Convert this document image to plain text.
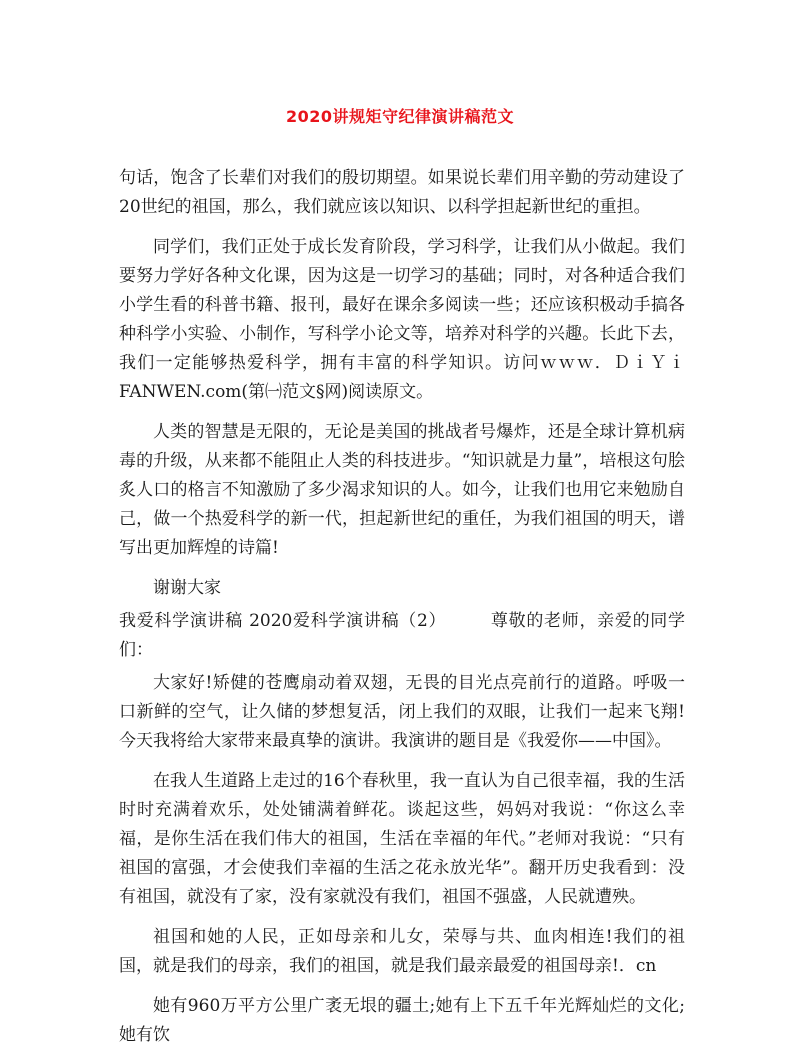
2020讲规矩守纪律演讲稿范文

句话，饱含了长辈们对我们的殷切期望。如果说长辈们用辛勤的劳动建设了20世纪的祖国，那么，我们就应该以知识、以科学担起新世纪的重担。

同学们，我们正处于成长发育阶段，学习科学，让我们从小做起。我们要努力学好各种文化课，因为这是一切学习的基础；同时，对各种适合我们小学生看的科普书籍、报刊，最好在课余多阅读一些；还应该积极动手搞各种科学小实验、小制作，写科学小论文等，培养对科学的兴趣。长此下去，我们一定能够热爱科学，拥有丰富的科学知识。访问ｗｗｗ．ＤｉＹｉFANWEN.com(第㈠范文§网)阅读原文。

人类的智慧是无限的，无论是美国的挑战者号爆炸，还是全球计算机病毒的升级，从来都不能阻止人类的科技进步。“知识就是力量”，培根这句脍炙人口的格言不知激励了多少渴求知识的人。如今，让我们也用它来勉励自己，做一个热爱科学的新一代，担起新世纪的重任，为我们祖国的明天，谱写出更加辉煌的诗篇!

谢谢大家

我爱科学演讲稿 2020爱科学演讲稿（2）	尊敬的老师，亲爱的同学们：

大家好!矫健的苍鹰扇动着双翅，无畏的目光点亮前行的道路。呼吸一口新鲜的空气，让久储的梦想复活，闭上我们的双眼，让我们一起来飞翔!今天我将给大家带来最真挚的演讲。我演讲的题目是《我爱你——中国》。

在我人生道路上走过的16个春秋里，我一直认为自己很幸福，我的生活时时充满着欢乐，处处铺满着鲜花。谈起这些，妈妈对我说：“你这么幸福，是你生活在我们伟大的祖国，生活在幸福的年代。”老师对我说：“只有祖国的富强，才会使我们幸福的生活之花永放光华”。翻开历史我看到：没有祖国，就没有了家，没有家就没有我们，祖国不强盛，人民就遭殃。

祖国和她的人民，正如母亲和儿女，荣辱与共、血肉相连!我们的祖国，就是我们的母亲，我们的祖国，就是我们最亲最爱的祖国母亲!．cn

她有960万平方公里广袤无垠的疆土;她有上下五千年光辉灿烂的文化;她有饮
